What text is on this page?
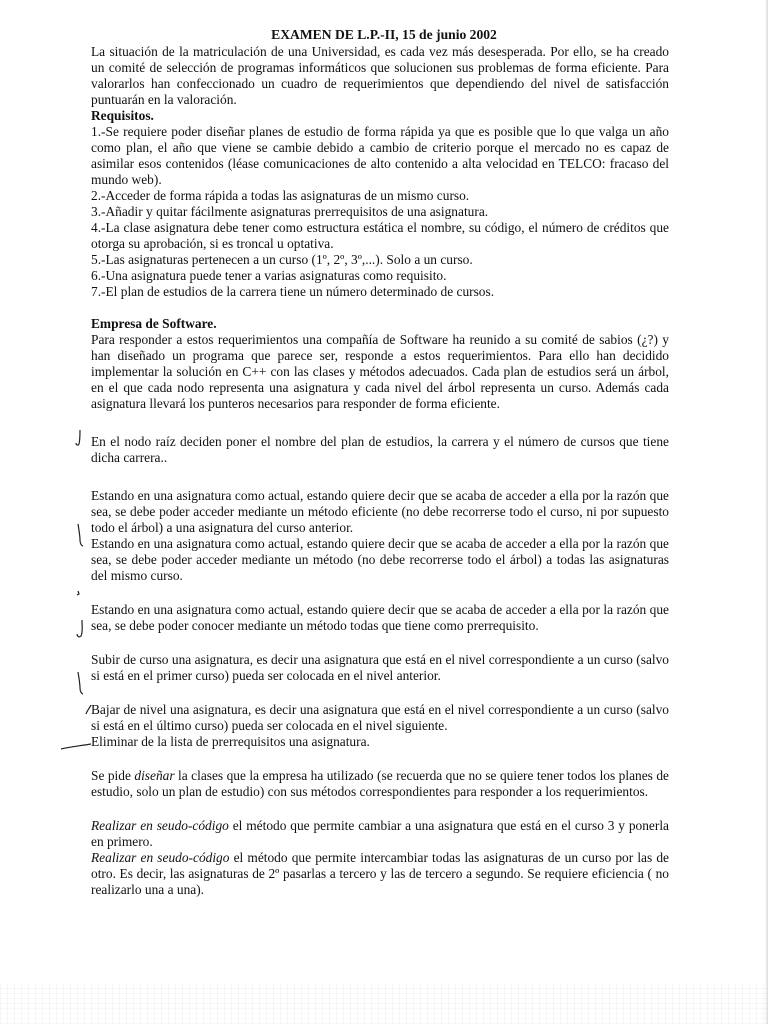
EXAMEN DE L.P.-II, 15 de junio 2002

La situación de la matriculación de una Universidad, es cada vez más desesperada. Por ello, se ha creado un comité de selección de programas informáticos que solucionen sus problemas de forma eficiente. Para valorarlos han confeccionado un cuadro de requerimientos que dependiendo del nivel de satisfacción puntuarán en la valoración.

Requisitos.

1.-Se requiere poder diseñar planes de estudio de forma rápida ya que es posible que lo que valga un año como plan, el año que viene se cambie debido a cambio de criterio porque el mercado no es capaz de asimilar esos contenidos (léase comunicaciones de alto contenido a alta velocidad en TELCO: fracaso del mundo web).

2.-Acceder de forma rápida a todas las asignaturas de un mismo curso.

3.-Añadir y quitar fácilmente asignaturas prerrequisitos de una asignatura.

4.-La clase asignatura debe tener como estructura estática el nombre, su código, el número de créditos que otorga su aprobación, si es troncal u optativa.

5.-Las asignaturas pertenecen a un curso (1º, 2º, 3º,...). Solo a un curso.

6.-Una asignatura puede tener a varias asignaturas como requisito.

7.-El plan de estudios de la carrera tiene un número determinado de cursos.

Empresa de Software.

Para responder a estos requerimientos una compañía de Software ha reunido a su comité de sabios (¿?) y han diseñado un programa que parece ser, responde a estos requerimientos. Para ello han decidido implementar la solución en C++ con las clases y métodos adecuados. Cada plan de estudios será un árbol, en el que cada nodo representa una asignatura y cada nivel del árbol representa un curso. Además cada asignatura llevará los punteros necesarios para responder de forma eficiente.

En el nodo raíz deciden poner el nombre del plan de estudios, la carrera y el número de cursos que tiene dicha carrera..

Estando en una asignatura como actual, estando quiere decir que se acaba de acceder a ella por la razón que sea, se debe poder acceder mediante un método eficiente (no debe recorrerse todo el curso, ni por supuesto todo el árbol) a una asignatura del curso anterior.

Estando en una asignatura como actual, estando quiere decir que se acaba de acceder a ella por la razón que sea, se debe poder acceder mediante un método (no debe recorrerse todo el árbol) a todas las asignaturas del mismo curso.

Estando en una asignatura como actual, estando quiere decir que se acaba de acceder a ella por la razón que sea, se debe poder conocer mediante un método todas que tiene como prerrequisito.

Subir de curso una asignatura, es decir una asignatura que está en el nivel correspondiente a un curso (salvo si está en el primer curso) pueda ser colocada en el nivel anterior.

Bajar de nivel una asignatura, es decir una asignatura que está en el nivel correspondiente a un curso (salvo si está en el último curso) pueda ser colocada en el nivel siguiente.

Eliminar de la lista de prerrequisitos una asignatura.

Se pide diseñar la clases que la empresa ha utilizado (se recuerda que no se quiere tener todos los planes de estudio, solo un plan de estudio) con sus métodos correspondientes para responder a los requerimientos.

Realizar en seudo-código el método que permite cambiar a una asignatura que está en el curso 3 y ponerla en primero.

Realizar en seudo-código el método que permite intercambiar todas las asignaturas de un curso por las de otro. Es decir, las asignaturas de 2º pasarlas a tercero y las de tercero a segundo. Se requiere eficiencia ( no realizarlo una a una).
